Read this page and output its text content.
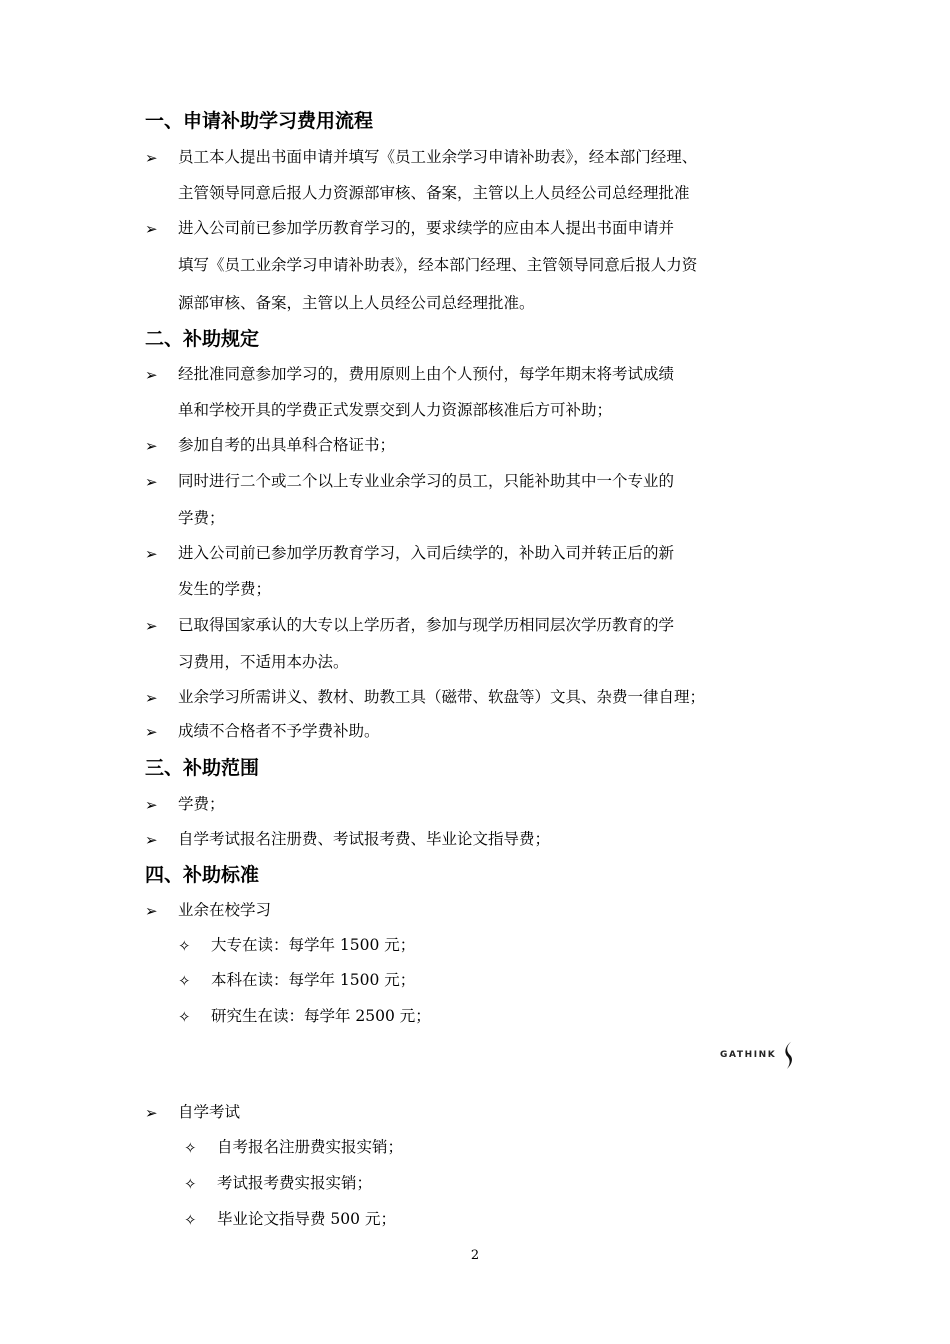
一、申请补助学习费用流程
➢ 员工本人提出书面申请并填写《员工业余学习申请补助表》，经本部门经理、
主管领导同意后报人力资源部审核、备案，主管以上人员经公司总经理批准
➢ 进入公司前已参加学历教育学习的，要求续学的应由本人提出书面申请并
填写《员工业余学习申请补助表》，经本部门经理、主管领导同意后报人力资
源部审核、备案，主管以上人员经公司总经理批准。
二、补助规定
➢ 经批准同意参加学习的，费用原则上由个人预付，每学年期末将考试成绩
单和学校开具的学费正式发票交到人力资源部核准后方可补助；
➢ 参加自考的出具单科合格证书；
➢ 同时进行二个或二个以上专业业余学习的员工，只能补助其中一个专业的
学费；
➢ 进入公司前已参加学历教育学习，入司后续学的，补助入司并转正后的新
发生的学费；
➢ 已取得国家承认的大专以上学历者，参加与现学历相同层次学历教育的学
习费用，不适用本办法。
➢ 业余学习所需讲义、教材、助教工具（磁带、软盘等）文具、杂费一律自理；
➢ 成绩不合格者不予学费补助。
三、补助范围
➢ 学费；
➢ 自学考试报名注册费、考试报考费、毕业论文指导费；
四、补助标准
➢ 业余在校学习
✧ 大专在读：每学年 1500 元；
✧ 本科在读：每学年 1500 元；
✧ 研究生在读：每学年 2500 元；
GATHINK
➢ 自学考试
✧ 自考报名注册费实报实销；
✧ 考试报考费实报实销；
✧ 毕业论文指导费 500 元；
2
